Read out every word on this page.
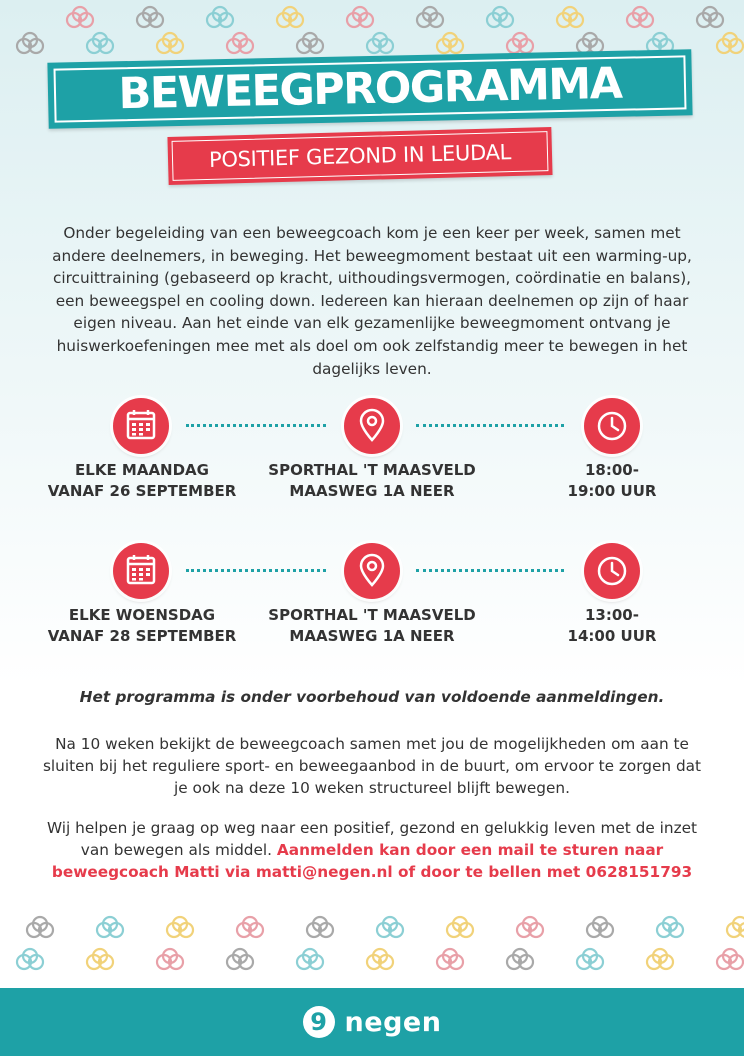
BEWEEGPROGRAMMA
POSITIEF GEZOND IN LEUDAL
Onder begeleiding van een beweegcoach kom je een keer per week, samen met andere deelnemers, in beweging. Het beweegmoment bestaat uit een warming-up, circuittraining (gebaseerd op kracht, uithoudingsvermogen, coördinatie en balans), een beweegspel en cooling down. Iedereen kan hieraan deelnemen op zijn of haar eigen niveau. Aan het einde van elk gezamenlijke beweegmoment ontvang je huiswerkoefeningen mee met als doel om ook zelfstandig meer te bewegen in het dagelijks leven.
ELKE MAANDAG
VANAF 26 SEPTEMBER
SPORTHAL 'T MAASVELD
MAASWEG 1A NEER
18:00-
19:00 UUR
ELKE WOENSDAG
VANAF 28 SEPTEMBER
SPORTHAL 'T MAASVELD
MAASWEG 1A NEER
13:00-
14:00 UUR
Het programma is onder voorbehoud van voldoende aanmeldingen.
Na 10 weken bekijkt de beweegcoach samen met jou de mogelijkheden om aan te sluiten bij het reguliere sport- en beweegaanbod in de buurt, om ervoor te zorgen dat je ook na deze 10 weken structureel blijft bewegen.
Wij helpen je graag op weg naar een positief, gezond en gelukkig leven met de inzet van bewegen als middel. Aanmelden kan door een mail te sturen naar beweegcoach Matti via matti@negen.nl of door te bellen met 0628151793
9 negen
